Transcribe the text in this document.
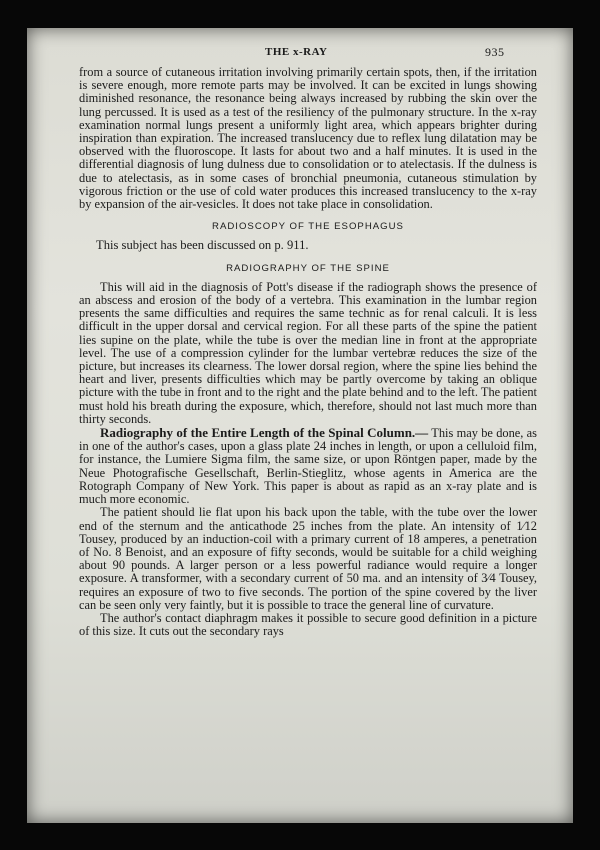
THE x-RAY	935

from a source of cutaneous irritation involving primarily certain spots, then, if the irritation is severe enough, more remote parts may be involved. It can be excited in lungs showing diminished resonance, the resonance being always increased by rubbing the skin over the lung percussed. It is used as a test of the resiliency of the pulmonary structure. In the x-ray examination normal lungs present a uniformly light area, which appears brighter during inspiration than expiration. The increased translucency due to reflex lung dilatation may be observed with the fluoroscope. It lasts for about two and a half minutes. It is used in the differential diagnosis of lung dulness due to consolidation or to atelectasis. If the dulness is due to atelectasis, as in some cases of bronchial pneumonia, cutaneous stimulation by vigorous friction or the use of cold water produces this increased translucency to the x-ray by expansion of the air-vesicles. It does not take place in consolidation.

RADIOSCOPY OF THE ESOPHAGUS

This subject has been discussed on p. 911.

RADIOGRAPHY OF THE SPINE

This will aid in the diagnosis of Pott's disease if the radiograph shows the presence of an abscess and erosion of the body of a vertebra. This examination in the lumbar region presents the same difficulties and requires the same technic as for renal calculi. It is less difficult in the upper dorsal and cervical region. For all these parts of the spine the patient lies supine on the plate, while the tube is over the median line in front at the appropriate level. The use of a compression cylinder for the lumbar vertebræ reduces the size of the picture, but increases its clearness. The lower dorsal region, where the spine lies behind the heart and liver, presents difficulties which may be partly overcome by taking an oblique picture with the tube in front and to the right and the plate behind and to the left. The patient must hold his breath during the exposure, which, therefore, should not last much more than thirty seconds.

Radiography of the Entire Length of the Spinal Column.— This may be done, as in one of the author's cases, upon a glass plate 24 inches in length, or upon a celluloid film, for instance, the Lumiere Sigma film, the same size, or upon Röntgen paper, made by the Neue Photografische Gesellschaft, Berlin-Stieglitz, whose agents in America are the Rotograph Company of New York. This paper is about as rapid as an x-ray plate and is much more economic.

The patient should lie flat upon his back upon the table, with the tube over the lower end of the sternum and the anticathode 25 inches from the plate. An intensity of 1⁄12 Tousey, produced by an induction-coil with a primary current of 18 amperes, a penetration of No. 8 Benoist, and an exposure of fifty seconds, would be suitable for a child weighing about 90 pounds. A larger person or a less powerful radiance would require a longer exposure. A transformer, with a secondary current of 50 ma. and an intensity of 3⁄4 Tousey, requires an exposure of two to five seconds. The portion of the spine covered by the liver can be seen only very faintly, but it is possible to trace the general line of curvature.

The author's contact diaphragm makes it possible to secure good definition in a picture of this size. It cuts out the secondary rays
